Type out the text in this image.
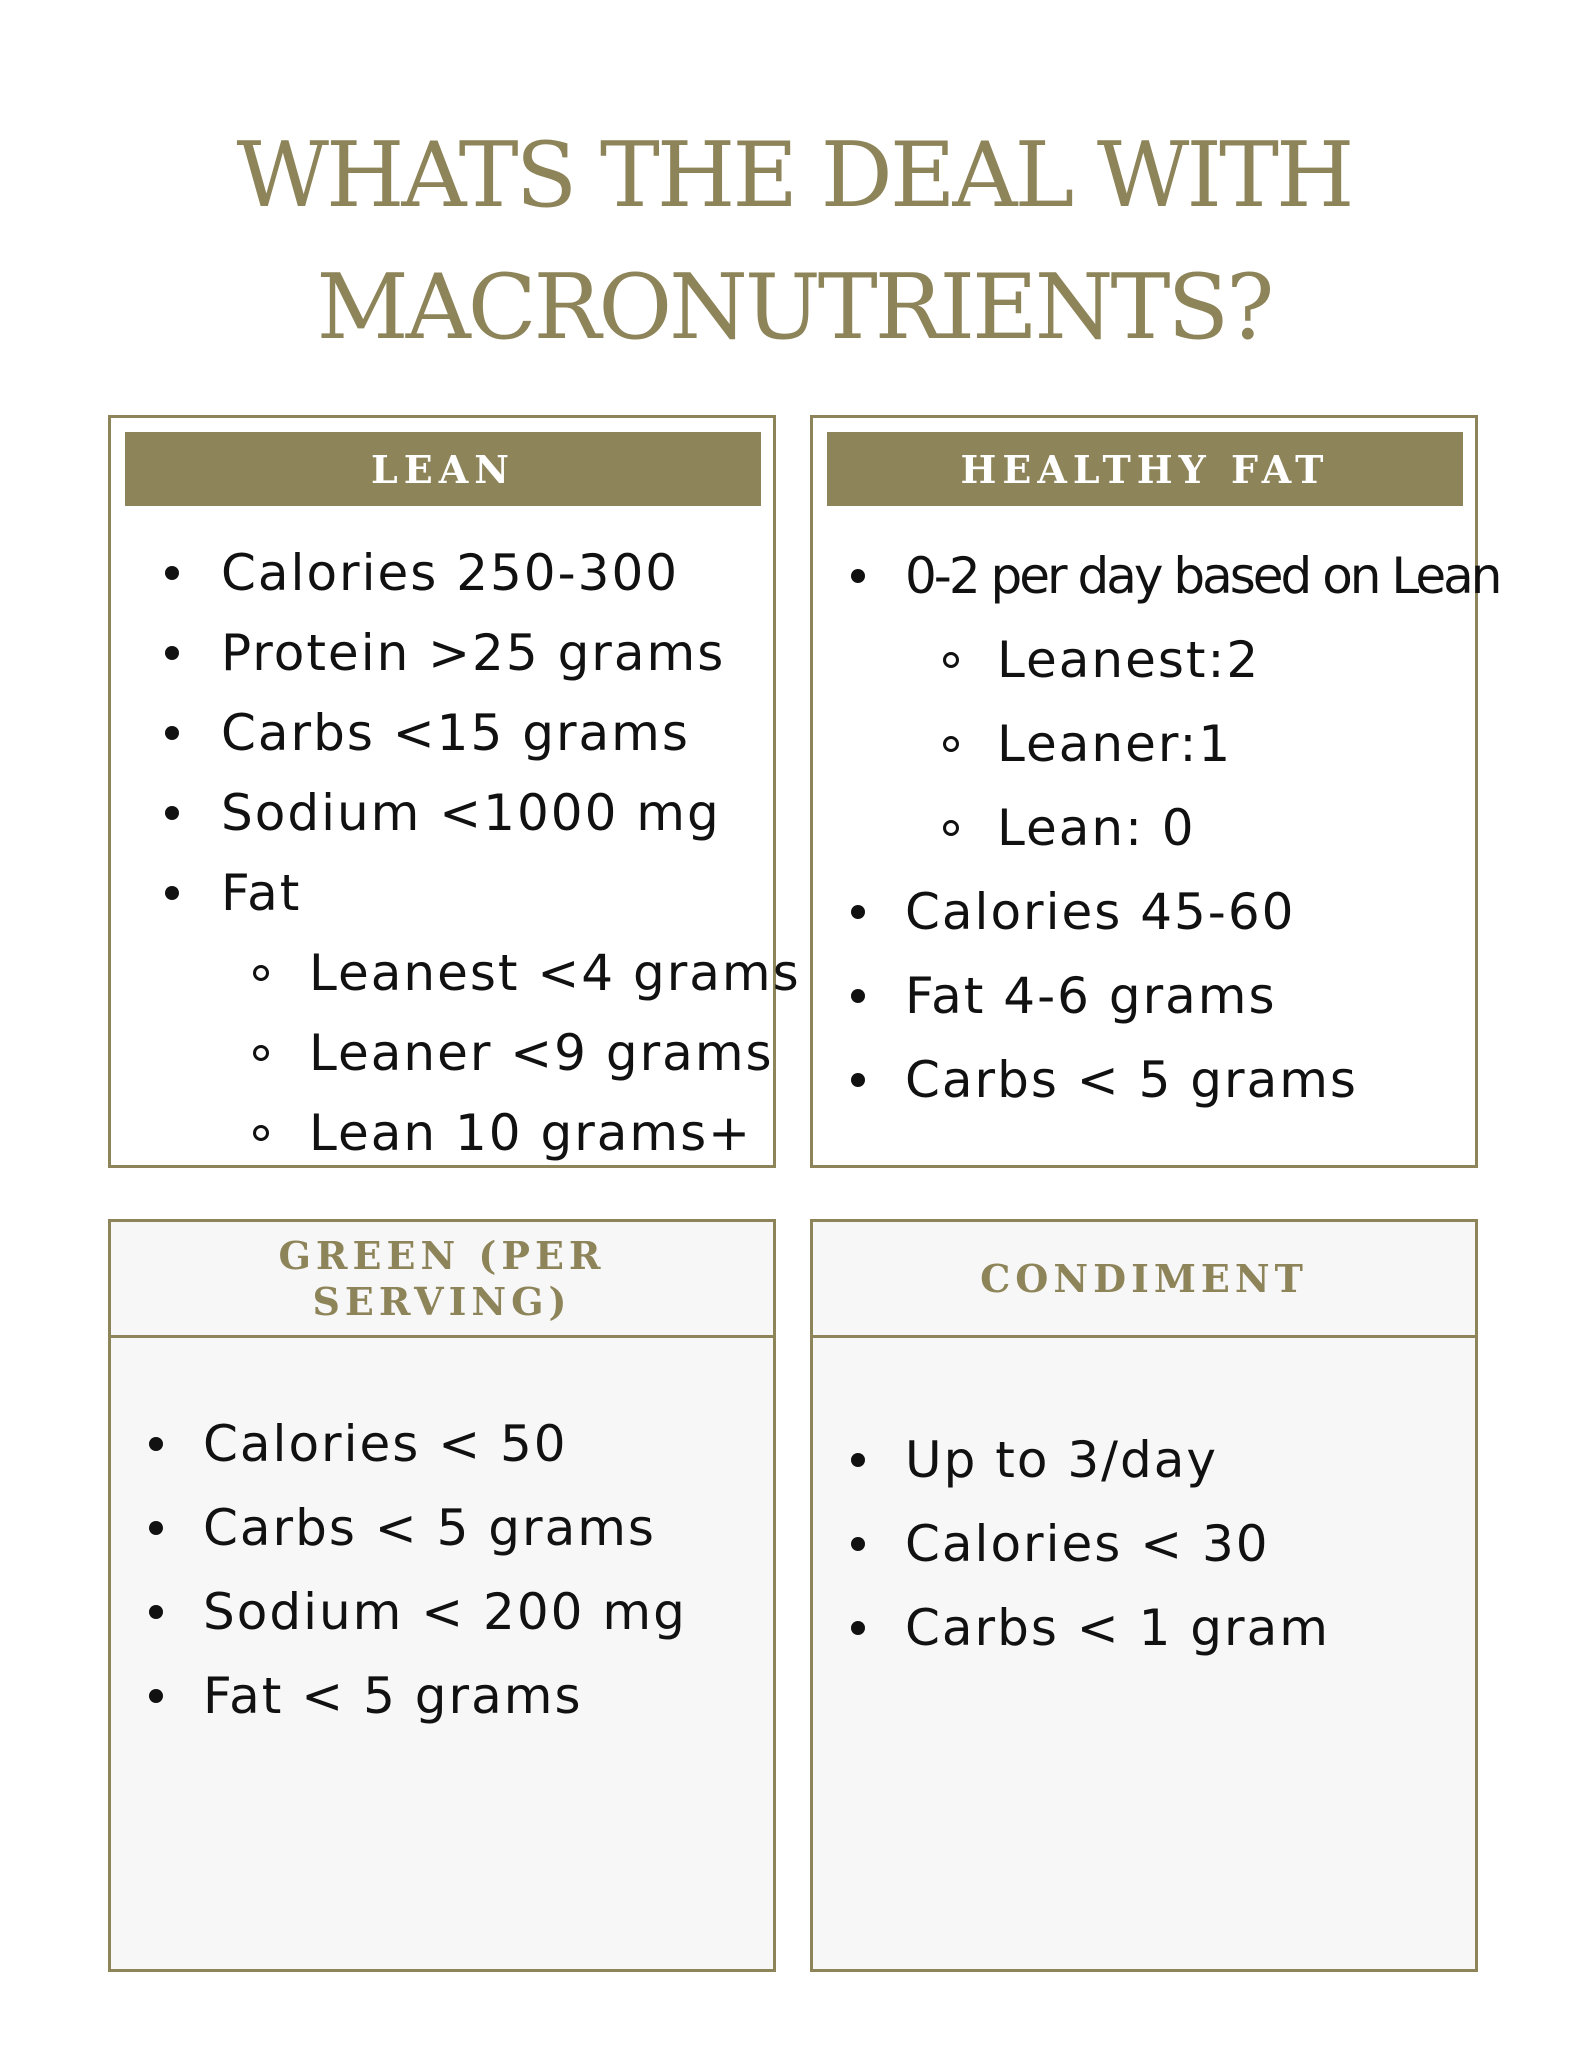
WHATS THE DEAL WITH
MACRONUTRIENTS?
LEAN
Calories 250-300
Protein >25 grams
Carbs <15 grams
Sodium <1000 mg
Fat
Leanest <4 grams
Leaner <9 grams
Lean 10 grams+
HEALTHY FAT
0-2 per day based on Lean
Leanest:2
Leaner:1
Lean: 0
Calories 45-60
Fat 4-6 grams
Carbs < 5 grams
GREEN (PER
SERVING)
Calories < 50
Carbs < 5 grams
Sodium < 200 mg
Fat < 5 grams
CONDIMENT
Up to 3/day
Calories < 30
Carbs < 1 gram
